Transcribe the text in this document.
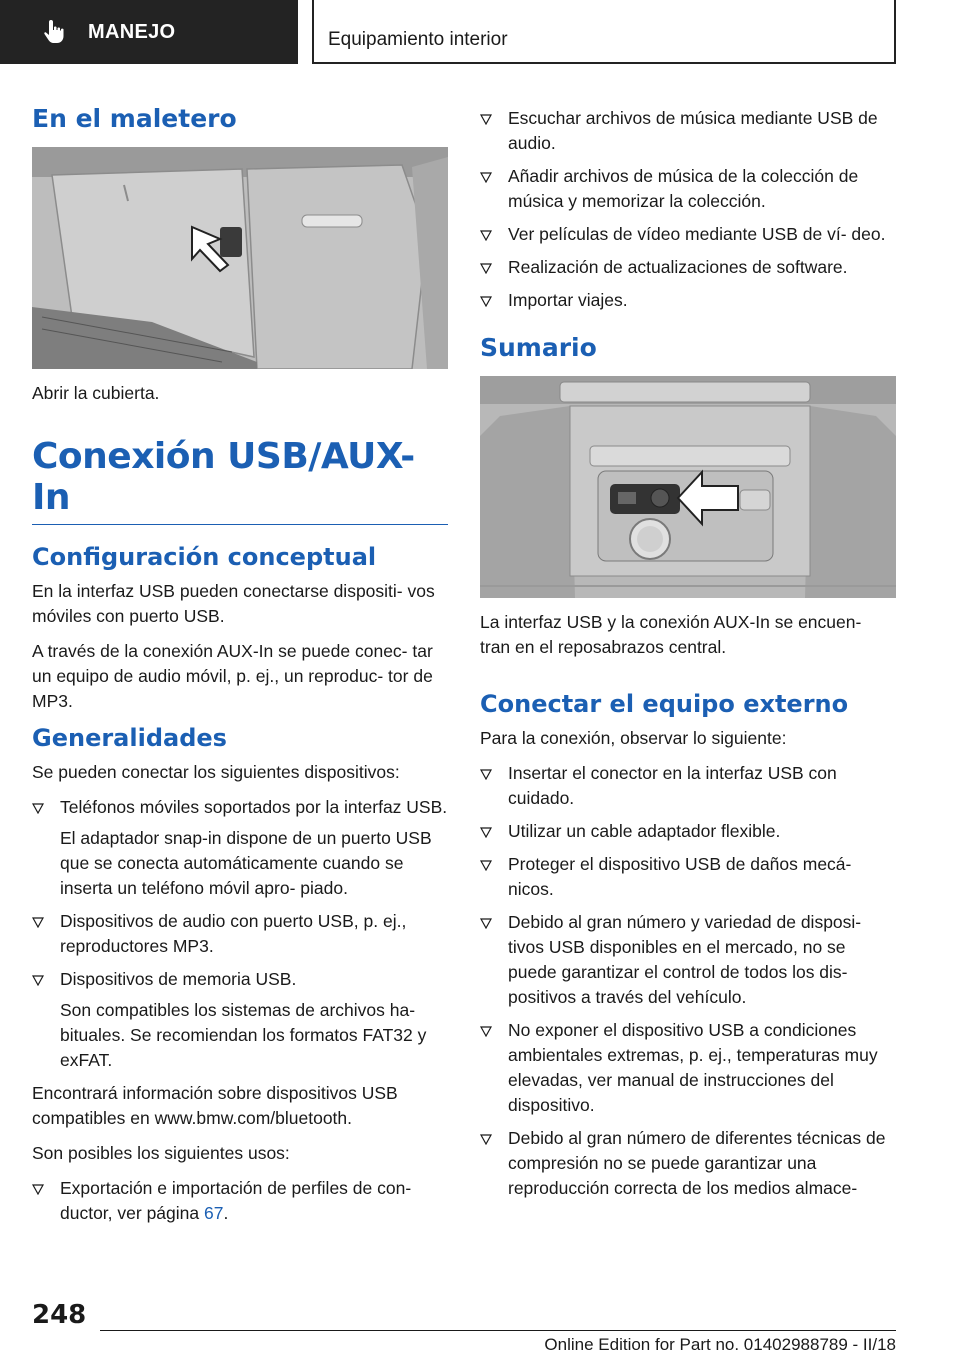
MANEJO	Equipamiento interior
En el maletero

Abrir la cubierta.

Conexión USB/AUX-In
Configuración conceptual

En la interfaz USB pueden conectarse dispositi- vos móviles con puerto USB.

A través de la conexión AUX-In se puede conec- tar un equipo de audio móvil, p. ej., un reproduc- tor de MP3.

Generalidades

Se pueden conectar los siguientes dispositivos:

Teléfonos móviles soportados por la interfaz USB.
El adaptador snap-in dispone de un puerto USB que se conecta automáticamente cuando se inserta un teléfono móvil apro- piado.
Dispositivos de audio con puerto USB, p. ej., reproductores MP3.
Dispositivos de memoria USB.
Son compatibles los sistemas de archivos ha- bituales. Se recomiendan los formatos FAT32 y exFAT.

Encontrará información sobre dispositivos USB compatibles en www.bmw.com/bluetooth.

Son posibles los siguientes usos:

Exportación e importación de perfiles de con- ductor, ver página 67.
Escuchar archivos de música mediante USB de audio.
Añadir archivos de música de la colección de música y memorizar la colección.
Ver películas de vídeo mediante USB de ví- deo.
Realización de actualizaciones de software.
Importar viajes.
Sumario

La interfaz USB y la conexión AUX-In se encuen- tran en el reposabrazos central.

Conectar el equipo externo

Para la conexión, observar lo siguiente:

Insertar el conector en la interfaz USB con cuidado.
Utilizar un cable adaptador flexible.
Proteger el dispositivo USB de daños mecá- nicos.
Debido al gran número y variedad de disposi- tivos USB disponibles en el mercado, no se puede garantizar el control de todos los dis- positivos a través del vehículo.
No exponer el dispositivo USB a condiciones ambientales extremas, p. ej., temperaturas muy elevadas, ver manual de instrucciones del dispositivo.
Debido al gran número de diferentes técnicas de compresión no se puede garantizar una reproducción correcta de los medios almace-
248
Online Edition for Part no. 01402988789 - II/18
